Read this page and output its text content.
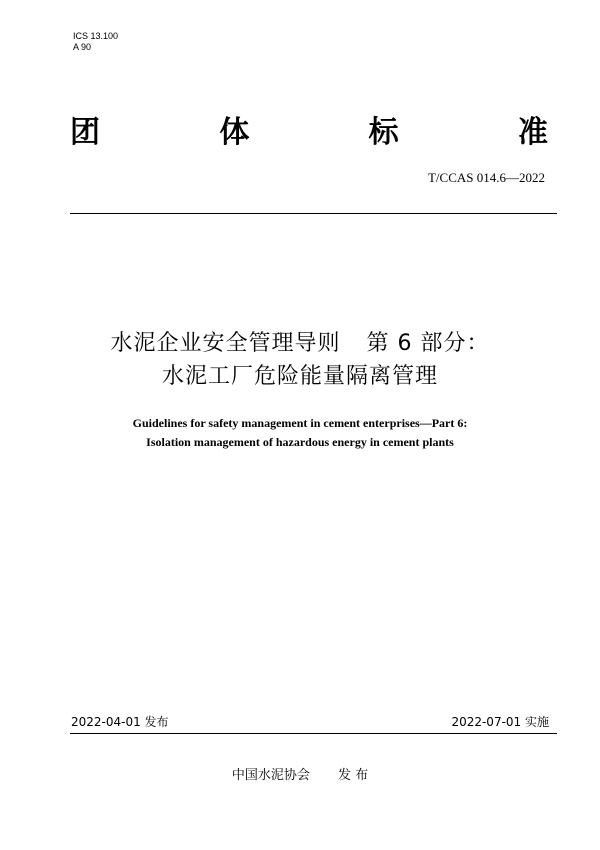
ICS 13.100
A 90
团	体	标	准
T/CCAS 014.6—2022
水泥企业安全管理导则 第 6 部分：
水泥工厂危险能量隔离管理
Guidelines for safety management in cement enterprises—Part 6:
Isolation management of hazardous energy in cement plants
2022-04-01 发布	2022-07-01 实施
中国水泥协会 发 布
